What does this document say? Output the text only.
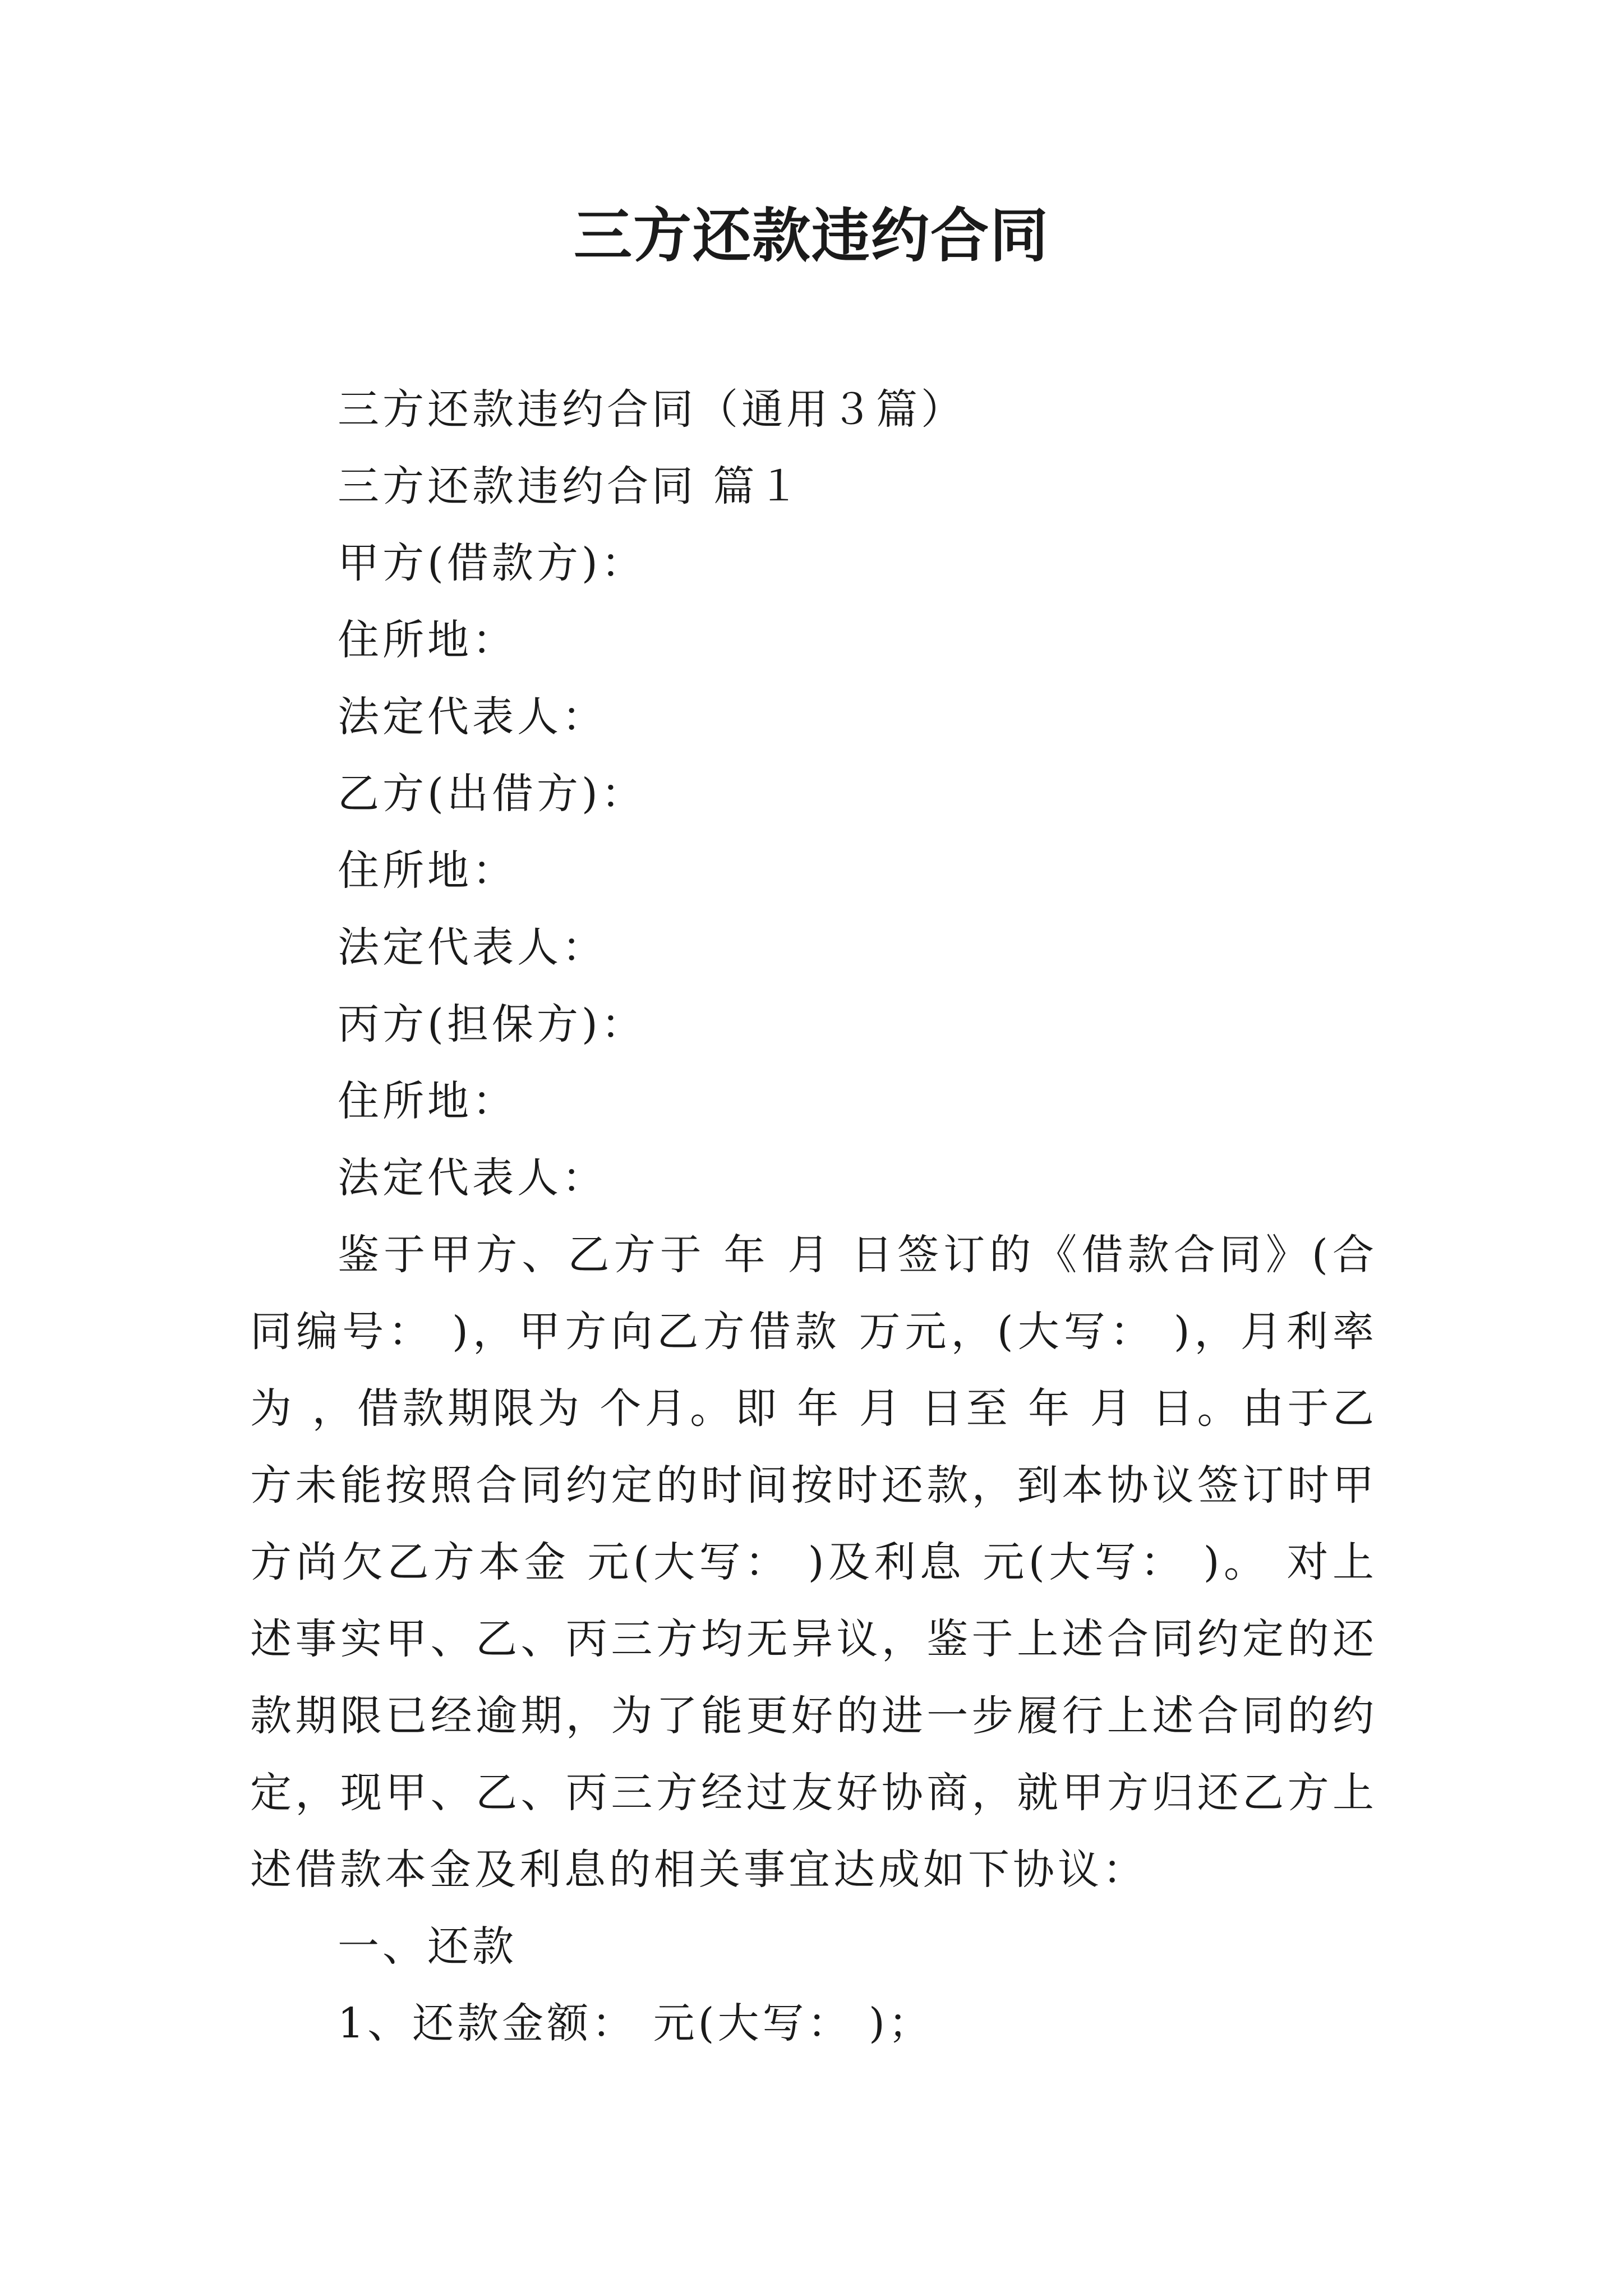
三方还款违约合同
三方还款违约合同（通用３篇）
三方还款违约合同 篇１
甲方(借款方)：
住所地：
法定代表人：
乙方(出借方)：
住所地：
法定代表人：
丙方(担保方)：
住所地：
法定代表人：

鉴于甲方、乙方于 年 月 日签订的《借款合同》(合同编号： )，甲方向乙方借款 万元，(大写： )，月利率为 ，借款期限为 个月。即 年 月 日至 年 月 日。由于乙方未能按照合同约定的时间按时还款，到本协议签订时甲方尚欠乙方本金 元(大写： )及利息 元(大写： )。 对上述事实甲、乙、丙三方均无异议，鉴于上述合同约定的还款期限已经逾期，为了能更好的进一步履行上述合同的约定，现甲、乙、丙三方经过友好协商，就甲方归还乙方上述借款本金及利息的相关事宜达成如下协议：

一、还款
1、还款金额： 元(大写： )；
